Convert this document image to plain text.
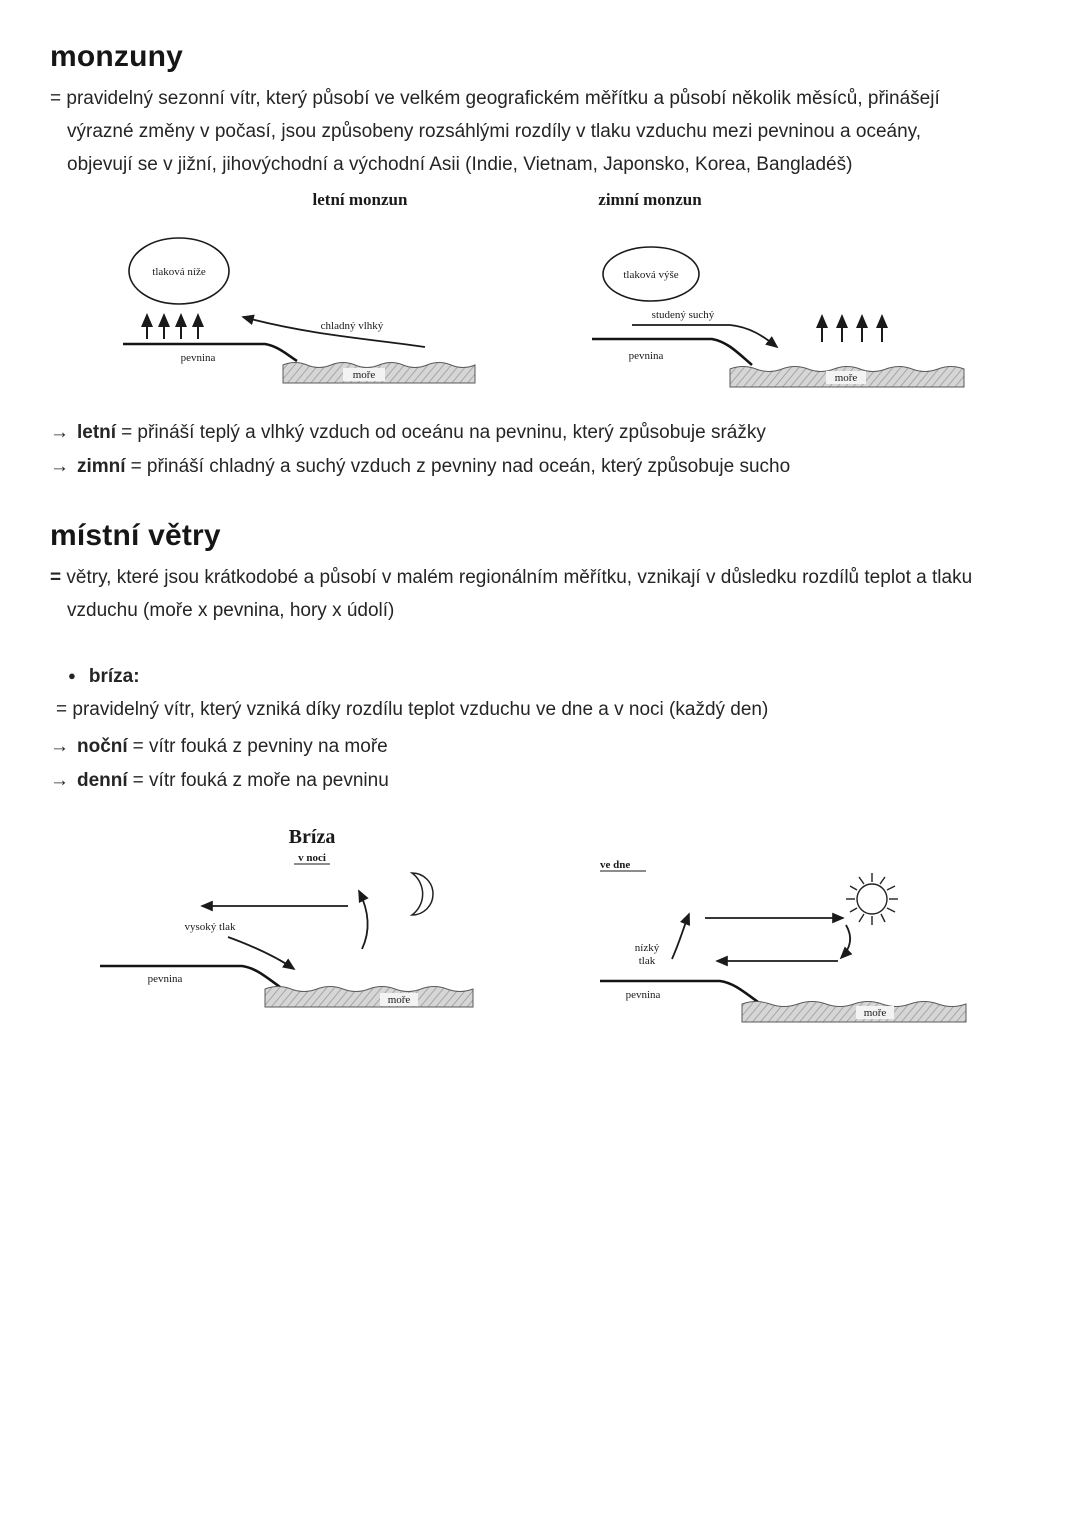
monzuny

= pravidelný sezonní vítr, který působí ve velkém geografickém měřítku a působí několik měsíců, přinášejí výrazné změny v počasí, jsou způsobeny rozsáhlými rozdíly v tlaku vzduchu mezi pevninou a oceány, objevují se v jižní, jihovýchodní a východní Asii (Indie, Vietnam, Japonsko, Korea, Bangladéš)

letní monzun
tlaková níže
pevnina
chladný vlhký
moře
zimní monzun
tlaková výše
studený suchý
pevnina
moře

→ letní = přináší teplý a vlhký vzduch od oceánu na pevninu, který způsobuje srážky

→ zimní = přináší chladný a suchý vzduch z pevniny nad oceán, který způsobuje sucho

místní větry

= větry, které jsou krátkodobé a působí v malém regionálním měřítku, vznikají v důsledku rozdílů teplot a tlaku vzduchu (moře x pevnina, hory x údolí)

● bríza:

= pravidelný vítr, který vzniká díky rozdílu teplot vzduchu ve dne a v noci (každý den)

→ noční = vítr fouká z pevniny na moře

→ denní = vítr fouká z moře na pevninu

Bríza
v noci
vysoký tlak
pevnina
moře
ve dne
nízký
tlak
pevnina
moře
